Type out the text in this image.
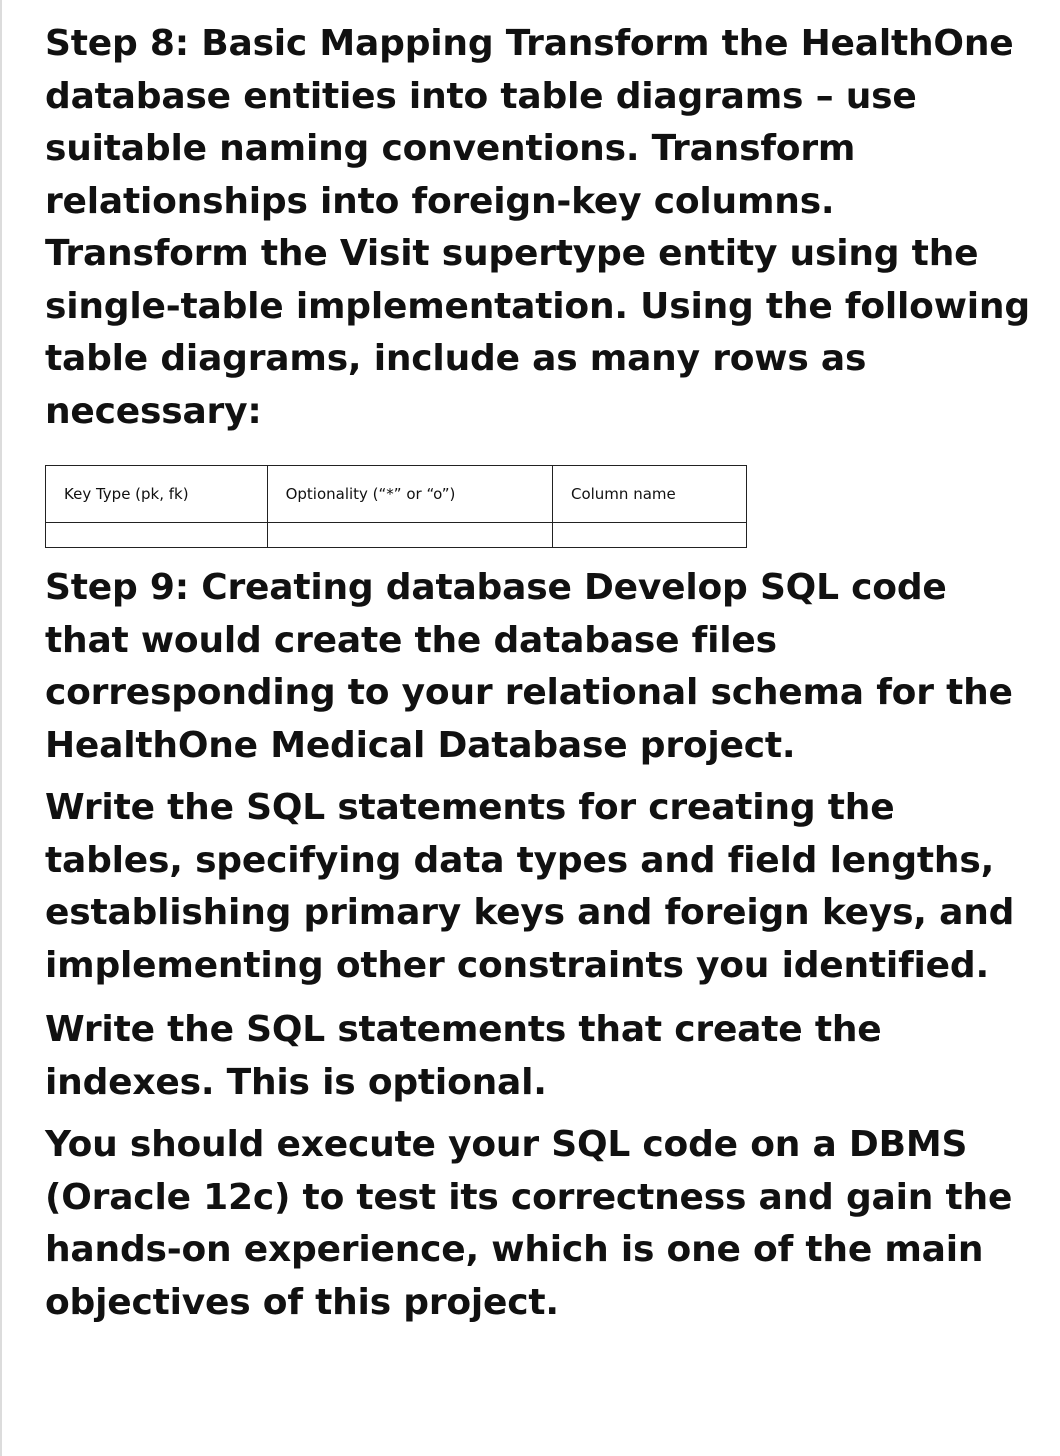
Step 8: Basic Mapping Transform the HealthOne database entities into table diagrams – use suitable naming conventions. Transform relationships into foreign-key columns. Transform the Visit supertype entity using the single-table implementation. Using the following table diagrams, include as many rows as necessary:

Key Type (pk, fk)	Optionality (“*” or “o”)	Column name

Step 9: Creating database Develop SQL code that would create the database files corresponding to your relational schema for the HealthOne Medical Database project.

Write the SQL statements for creating the tables, specifying data types and field lengths, establishing primary keys and foreign keys, and implementing other constraints you identified.

Write the SQL statements that create the indexes. This is optional.

You should execute your SQL code on a DBMS (Oracle 12c) to test its correctness and gain the hands-on experience, which is one of the main objectives of this project.
